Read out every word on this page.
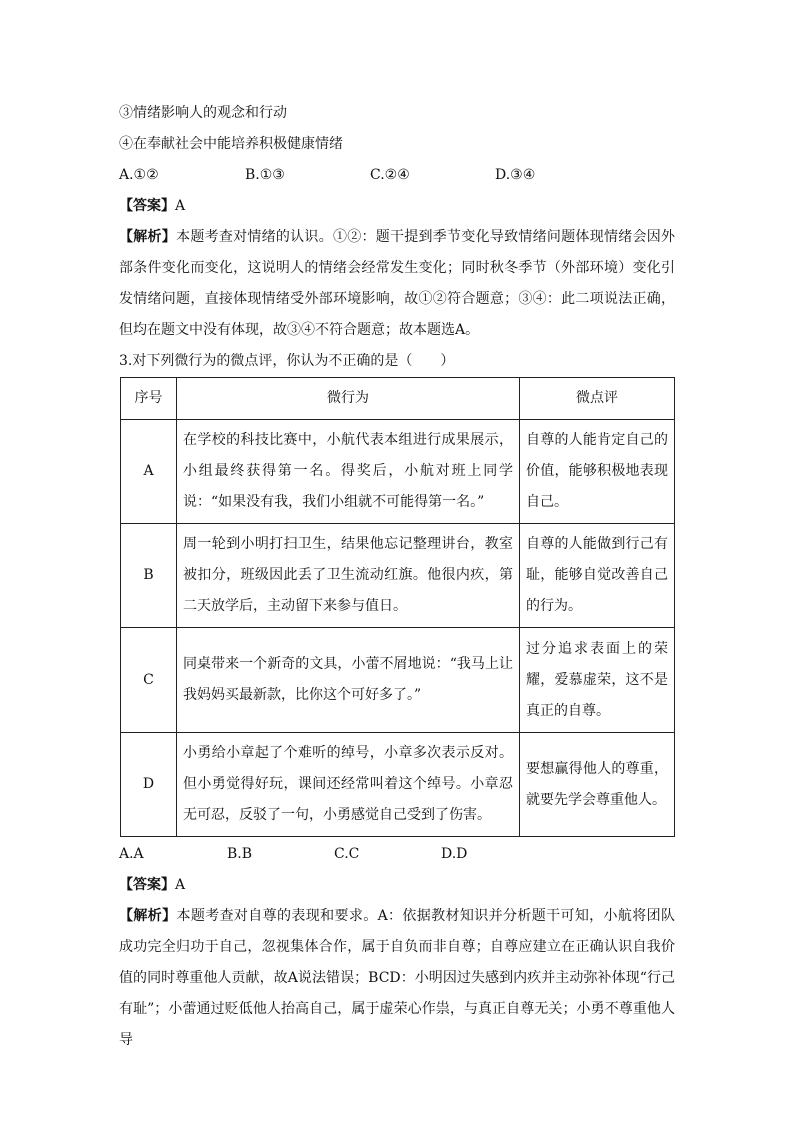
③情绪影响人的观念和行动
④在奉献社会中能培养积极健康情绪
A.①②	B.①③	C.②④	D.③④
【答案】A
【解析】本题考查对情绪的认识。①②：题干提到季节变化导致情绪问题体现情绪会因外部条件变化而变化，这说明人的情绪会经常发生变化；同时秋冬季节（外部环境）变化引发情绪问题，直接体现情绪受外部环境影响，故①②符合题意；③④：此二项说法正确，但均在题文中没有体现，故③④不符合题意；故本题选A。
3.对下列微行为的微点评，你认为不正确的是（　　）
序号	微行为	微点评
A	在学校的科技比赛中，小航代表本组进行成果展示，小组最终获得第一名。得奖后，小航对班上同学说：“如果没有我，我们小组就不可能得第一名。”	自尊的人能肯定自己的价值，能够积极地表现自己。
B	周一轮到小明打扫卫生，结果他忘记整理讲台，教室被扣分，班级因此丢了卫生流动红旗。他很内疚，第二天放学后，主动留下来参与值日。	自尊的人能做到行己有耻，能够自觉改善自己的行为。
C	同桌带来一个新奇的文具，小蕾不屑地说：“我马上让我妈妈买最新款，比你这个可好多了。”	过分追求表面上的荣耀，爱慕虚荣，这不是真正的自尊。
D	小勇给小章起了个难听的绰号，小章多次表示反对。但小勇觉得好玩，课间还经常叫着这个绰号。小章忍无可忍，反驳了一句，小勇感觉自己受到了伤害。	要想赢得他人的尊重，就要先学会尊重他人。
A.A	B.B	C.C	D.D
【答案】A
【解析】本题考查对自尊的表现和要求。A：依据教材知识并分析题干可知，小航将团队成功完全归功于自己，忽视集体合作，属于自负而非自尊；自尊应建立在正确认识自我价值的同时尊重他人贡献，故A说法错误；BCD：小明因过失感到内疚并主动弥补体现“行己有耻”；小蕾通过贬低他人抬高自己，属于虚荣心作祟，与真正自尊无关；小勇不尊重他人导
